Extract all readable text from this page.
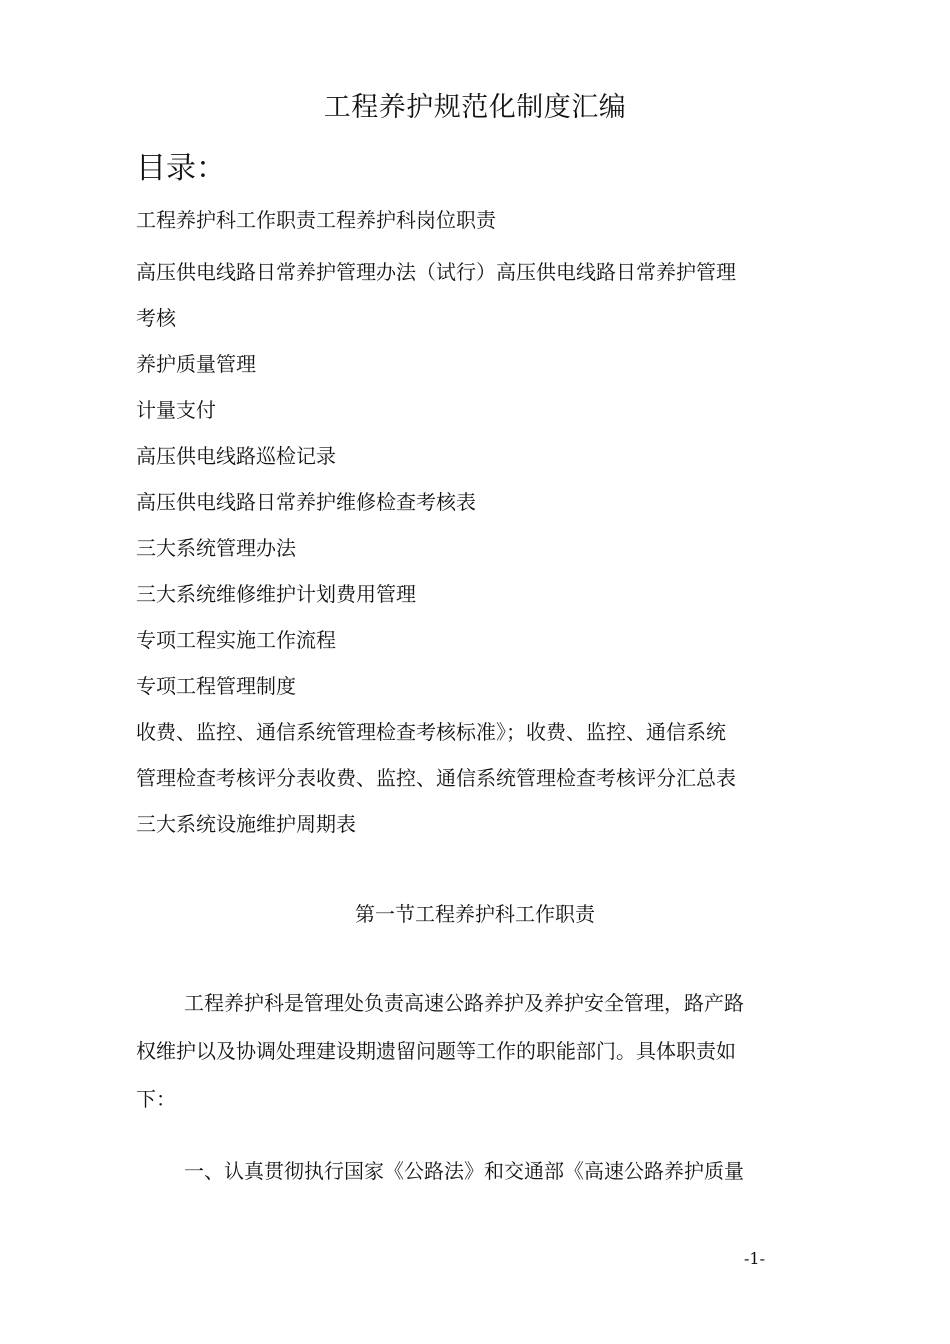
工程养护规范化制度汇编
目录：
工程养护科工作职责工程养护科岗位职责
高压供电线路日常养护管理办法（试行）高压供电线路日常养护管理
考核
养护质量管理
计量支付
高压供电线路巡检记录
高压供电线路日常养护维修检查考核表
三大系统管理办法
三大系统维修维护计划费用管理
专项工程实施工作流程
专项工程管理制度
收费、监控、通信系统管理检查考核标准》；收费、监控、通信系统
管理检查考核评分表收费、监控、通信系统管理检查考核评分汇总表
三大系统设施维护周期表
第一节工程养护科工作职责
工程养护科是管理处负责高速公路养护及养护安全管理，路产路
权维护以及协调处理建设期遗留问题等工作的职能部门。具体职责如
下：
一、认真贯彻执行国家《公路法》和交通部《高速公路养护质量
-1-
